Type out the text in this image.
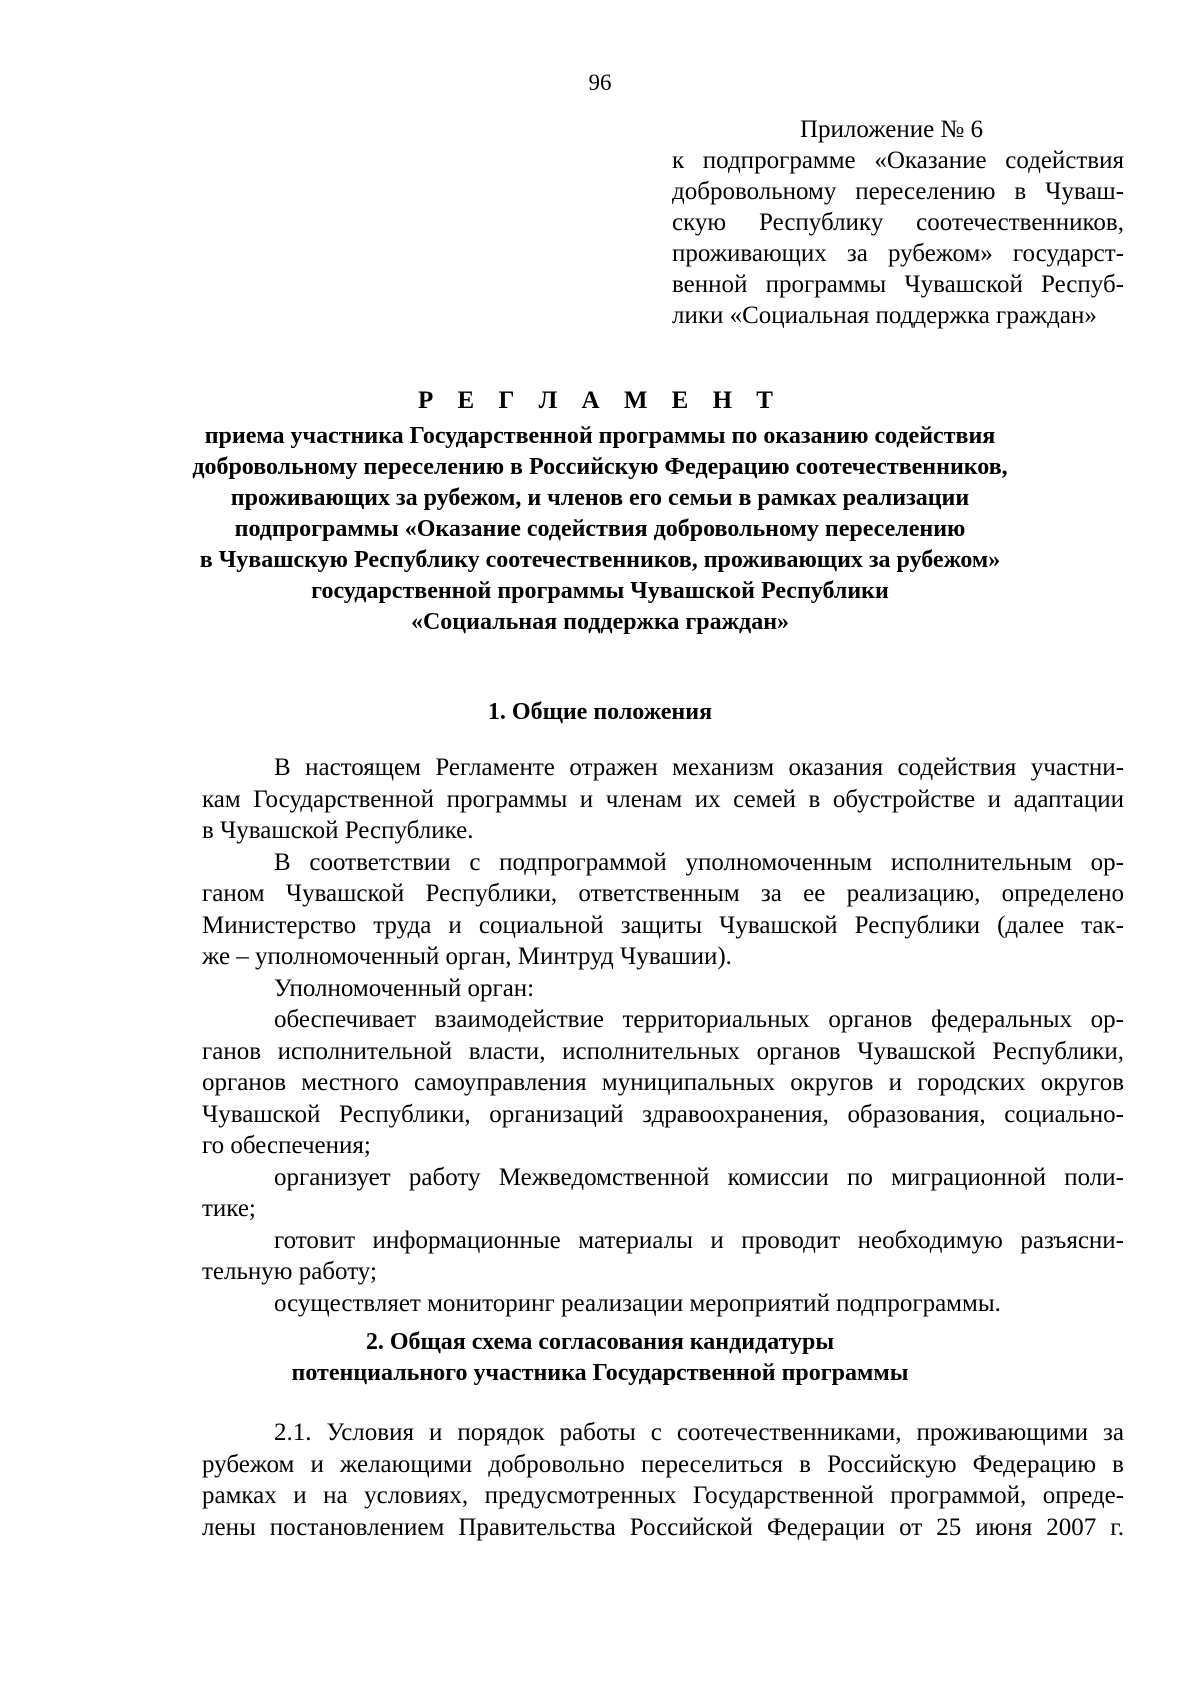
96
Приложение № 6
к подпрограмме «Оказание содействия
добровольному переселению в Чуваш-
скую Республику соотечественников,
проживающих за рубежом» государст-
венной программы Чувашской Респуб-
лики «Социальная поддержка граждан»
Р Е Г Л А М Е Н Т
приема участника Государственной программы по оказанию содействия
добровольному переселению в Российскую Федерацию соотечественников,
проживающих за рубежом, и членов его семьи в рамках реализации
подпрограммы «Оказание содействия добровольному переселению
в Чувашскую Республику соотечественников, проживающих за рубежом»
государственной программы Чувашской Республики
«Социальная поддержка граждан»
1. Общие положения
В настоящем Регламенте отражен механизм оказания содействия участни-
кам Государственной программы и членам их семей в обустройстве и адаптации
в Чувашской Республике.
В соответствии с подпрограммой уполномоченным исполнительным ор-
ганом Чувашской Республики, ответственным за ее реализацию, определено
Министерство труда и социальной защиты Чувашской Республики (далее так-
же – уполномоченный орган, Минтруд Чувашии).
Уполномоченный орган:
обеспечивает взаимодействие территориальных органов федеральных ор-
ганов исполнительной власти, исполнительных органов Чувашской Республики,
органов местного самоуправления муниципальных округов и городских округов
Чувашской Республики, организаций здравоохранения, образования, социально-
го обеспечения;
организует работу Межведомственной комиссии по миграционной поли-
тике;
готовит информационные материалы и проводит необходимую разъясни-
тельную работу;
осуществляет мониторинг реализации мероприятий подпрограммы.
2. Общая схема согласования кандидатуры
потенциального участника Государственной программы
2.1. Условия и порядок работы с соотечественниками, проживающими за
рубежом и желающими добровольно переселиться в Российскую Федерацию в
рамках и на условиях, предусмотренных Государственной программой, опреде-
лены постановлением Правительства Российской Федерации от 25 июня 2007 г.
